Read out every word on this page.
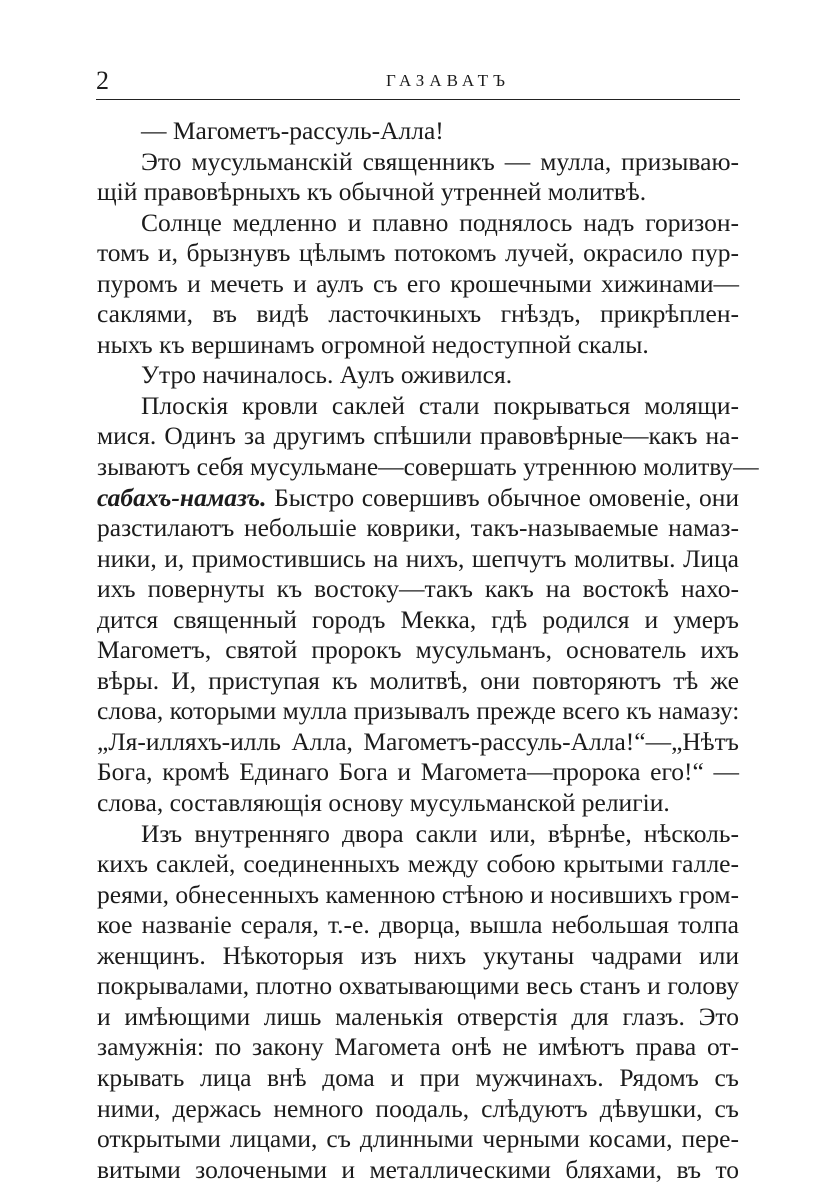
2	ГАЗАВАТЪ
— Магометъ-рассуль-Алла!
Это мусульманскій священникъ — мулла, призываю-
щій правовѣрныхъ къ обычной утренней молитвѣ.
Солнце медленно и плавно поднялось надъ горизон-
томъ и, брызнувъ цѣлымъ потокомъ лучей, окрасило пур-
пуромъ и мечеть и аулъ съ его крошечными хижинами—
саклями, въ видѣ ласточкиныхъ гнѣздъ, прикрѣплен-
ныхъ къ вершинамъ огромной недоступной скалы.
Утро начиналось. Аулъ оживился.
Плоскія кровли саклей стали покрываться молящи-
мися. Одинъ за другимъ спѣшили правовѣрные—какъ на-
зываютъ себя мусульмане—совершать утреннюю молитву—
сабахъ-намазъ. Быстро совершивъ обычное омовеніе, они
разстилаютъ небольшіе коврики, такъ-называемые намаз-
ники, и, примостившись на нихъ, шепчутъ молитвы. Лица
ихъ повернуты къ востоку—такъ какъ на востокѣ нахо-
дится священный городъ Мекка, гдѣ родился и умеръ
Магометъ, святой пророкъ мусульманъ, основатель ихъ
вѣры. И, приступая къ молитвѣ, они повторяютъ тѣ же
слова, которыми мулла призывалъ прежде всего къ намазу:
„Ля-илляхъ-илль Алла, Магометъ-рассуль-Алла!“—„Нѣтъ
Бога, кромѣ Единаго Бога и Магомета—пророка его!“ —
слова, составляющія основу мусульманской религіи.
Изъ внутренняго двора сакли или, вѣрнѣе, нѣсколь-
кихъ саклей, соединенныхъ между собою крытыми галле-
реями, обнесенныхъ каменною стѣною и носившихъ гром-
кое названіе сераля, т.-е. дворца, вышла небольшая толпа
женщинъ. Нѣкоторыя изъ нихъ укутаны чадрами или
покрывалами, плотно охватывающими весь станъ и голову
и имѣющими лишь маленькія отверстія для глазъ. Это
замужнія: по закону Магомета онѣ не имѣютъ права от-
крывать лица внѣ дома и при мужчинахъ. Рядомъ съ
ними, держась немного поодаль, слѣдуютъ дѣвушки, съ
открытыми лицами, съ длинными черными косами, пере-
витыми золочеными и металлическими бляхами, въ то
